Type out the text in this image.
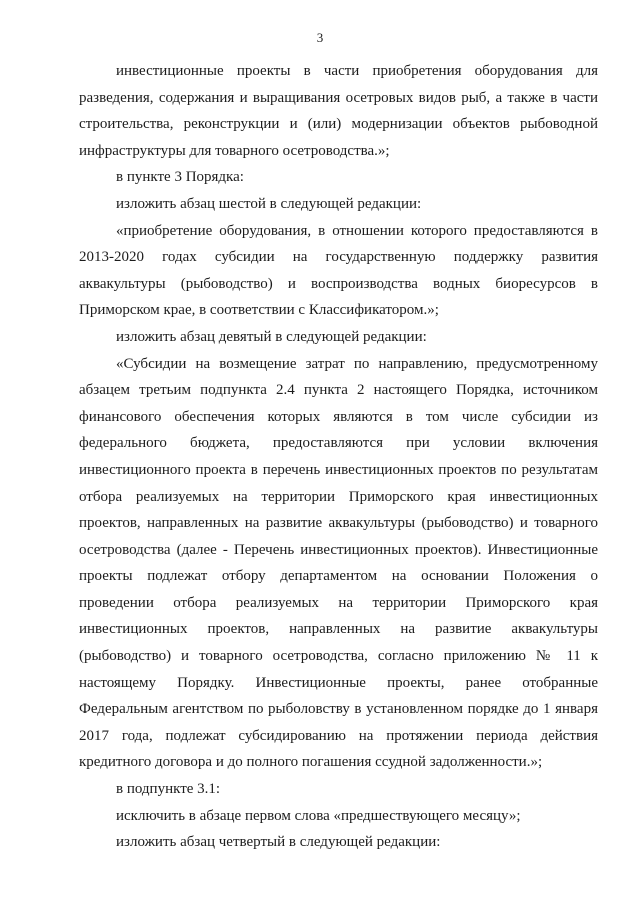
3

инвестиционные проекты в части приобретения оборудования для разведения, содержания и выращивания осетровых видов рыб, а также в части строительства, реконструкции и (или) модернизации объектов рыбоводной инфраструктуры для товарного осетроводства.»;

в пункте 3 Порядка:

изложить абзац шестой в следующей редакции:

«приобретение оборудования, в отношении которого предоставляются в 2013-2020 годах субсидии на государственную поддержку развития аквакультуры (рыбоводство) и воспроизводства водных биоресурсов в Приморском крае, в соответствии с Классификатором.»;

изложить абзац девятый в следующей редакции:

«Субсидии на возмещение затрат по направлению, предусмотренному абзацем третьим подпункта 2.4 пункта 2 настоящего Порядка, источником финансового обеспечения которых являются в том числе субсидии из федерального бюджета, предоставляются при условии включения инвестиционного проекта в перечень инвестиционных проектов по результатам отбора реализуемых на территории Приморского края инвестиционных проектов, направленных на развитие аквакультуры (рыбоводство) и товарного осетроводства (далее - Перечень инвестиционных проектов). Инвестиционные проекты подлежат отбору департаментом на основании Положения о проведении отбора реализуемых на территории Приморского края инвестиционных проектов, направленных на развитие аквакультуры (рыбоводство) и товарного осетроводства, согласно приложению № 11 к настоящему Порядку. Инвестиционные проекты, ранее отобранные Федеральным агентством по рыболовству в установленном порядке до 1 января 2017 года, подлежат субсидированию на протяжении периода действия кредитного договора и до полного погашения ссудной задолженности.»;

в подпункте 3.1:

исключить в абзаце первом слова «предшествующего месяцу»;

изложить абзац четвертый в следующей редакции:
